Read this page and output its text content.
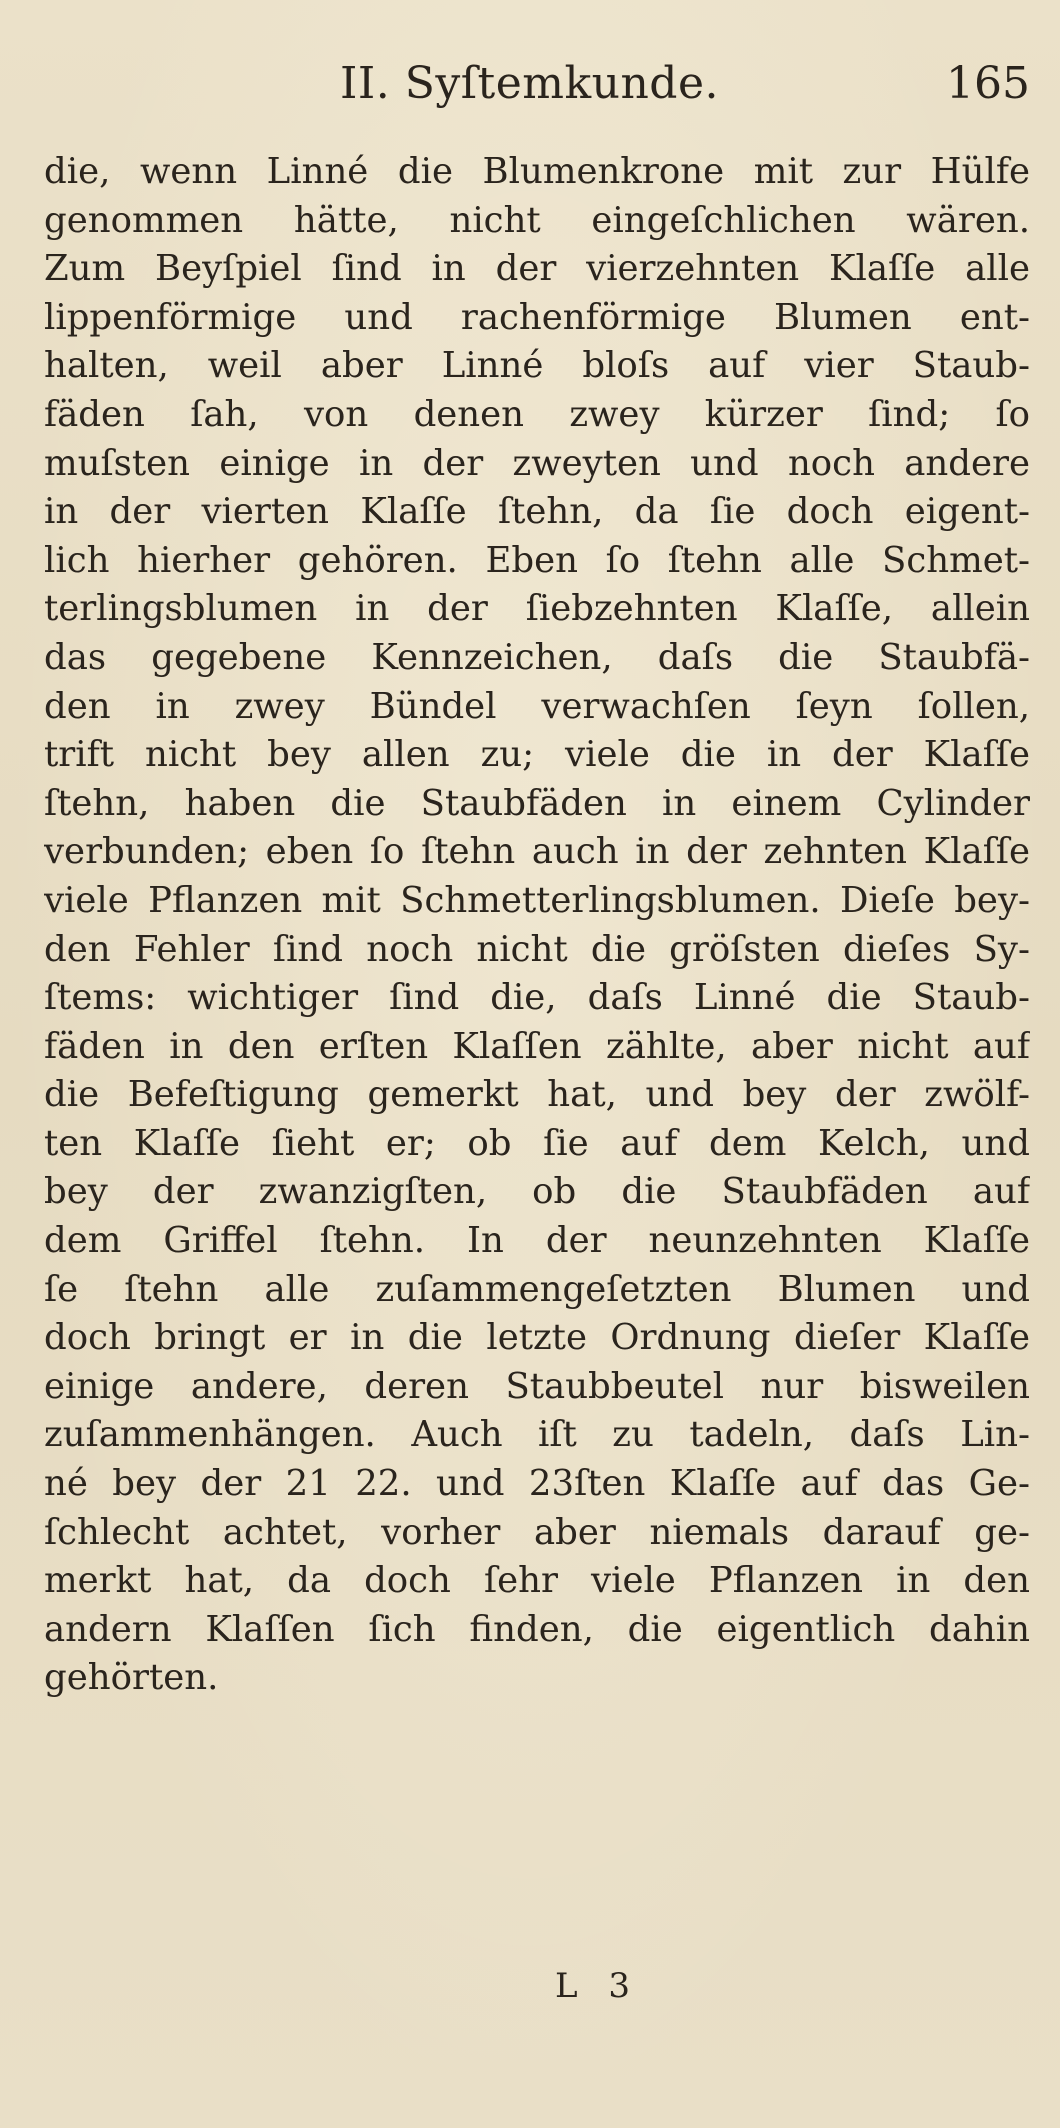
II. Syſtemkunde.	165
die, wenn Linné die Blumenkrone mit zur Hülfe
genommen hätte, nicht eingeſchlichen wären.
Zum Beyſpiel ſind in der vierzehnten Klaſſe alle
lippenförmige und rachenförmige Blumen ent-
halten, weil aber Linné bloſs auf vier Staub-
fäden ſah, von denen zwey kürzer ſind; ſo
muſsten einige in der zweyten und noch andere
in der vierten Klaſſe ſtehn, da ſie doch eigent-
lich hierher gehören. Eben ſo ſtehn alle Schmet-
terlingsblumen in der ſiebzehnten Klaſſe, allein
das gegebene Kennzeichen, daſs die Staubfä-
den in zwey Bündel verwachſen ſeyn ſollen,
trift nicht bey allen zu; viele die in der Klaſſe
ſtehn, haben die Staubfäden in einem Cylinder
verbunden; eben ſo ſtehn auch in der zehnten Klaſſe
viele Pflanzen mit Schmetterlingsblumen. Dieſe bey-
den Fehler ſind noch nicht die gröſsten dieſes Sy-
ſtems: wichtiger ſind die, daſs Linné die Staub-
fäden in den erſten Klaſſen zählte, aber nicht auf
die Befeſtigung gemerkt hat, und bey der zwölf-
ten Klaſſe ſieht er; ob ſie auf dem Kelch, und
bey der zwanzigſten, ob die Staubfäden auf
dem Griffel ſtehn. In der neunzehnten Klaſſe
ſe ſtehn alle zuſammengeſetzten Blumen und
doch bringt er in die letzte Ordnung dieſer Klaſſe
einige andere, deren Staubbeutel nur bisweilen
zuſammenhängen. Auch iſt zu tadeln, daſs Lin-
né bey der 21 22. und 23ſten Klaſſe auf das Ge-
ſchlecht achtet, vorher aber niemals darauf ge-
merkt hat, da doch ſehr viele Pflanzen in den
andern Klaſſen ſich finden, die eigentlich dahin
gehörten.
L 3
